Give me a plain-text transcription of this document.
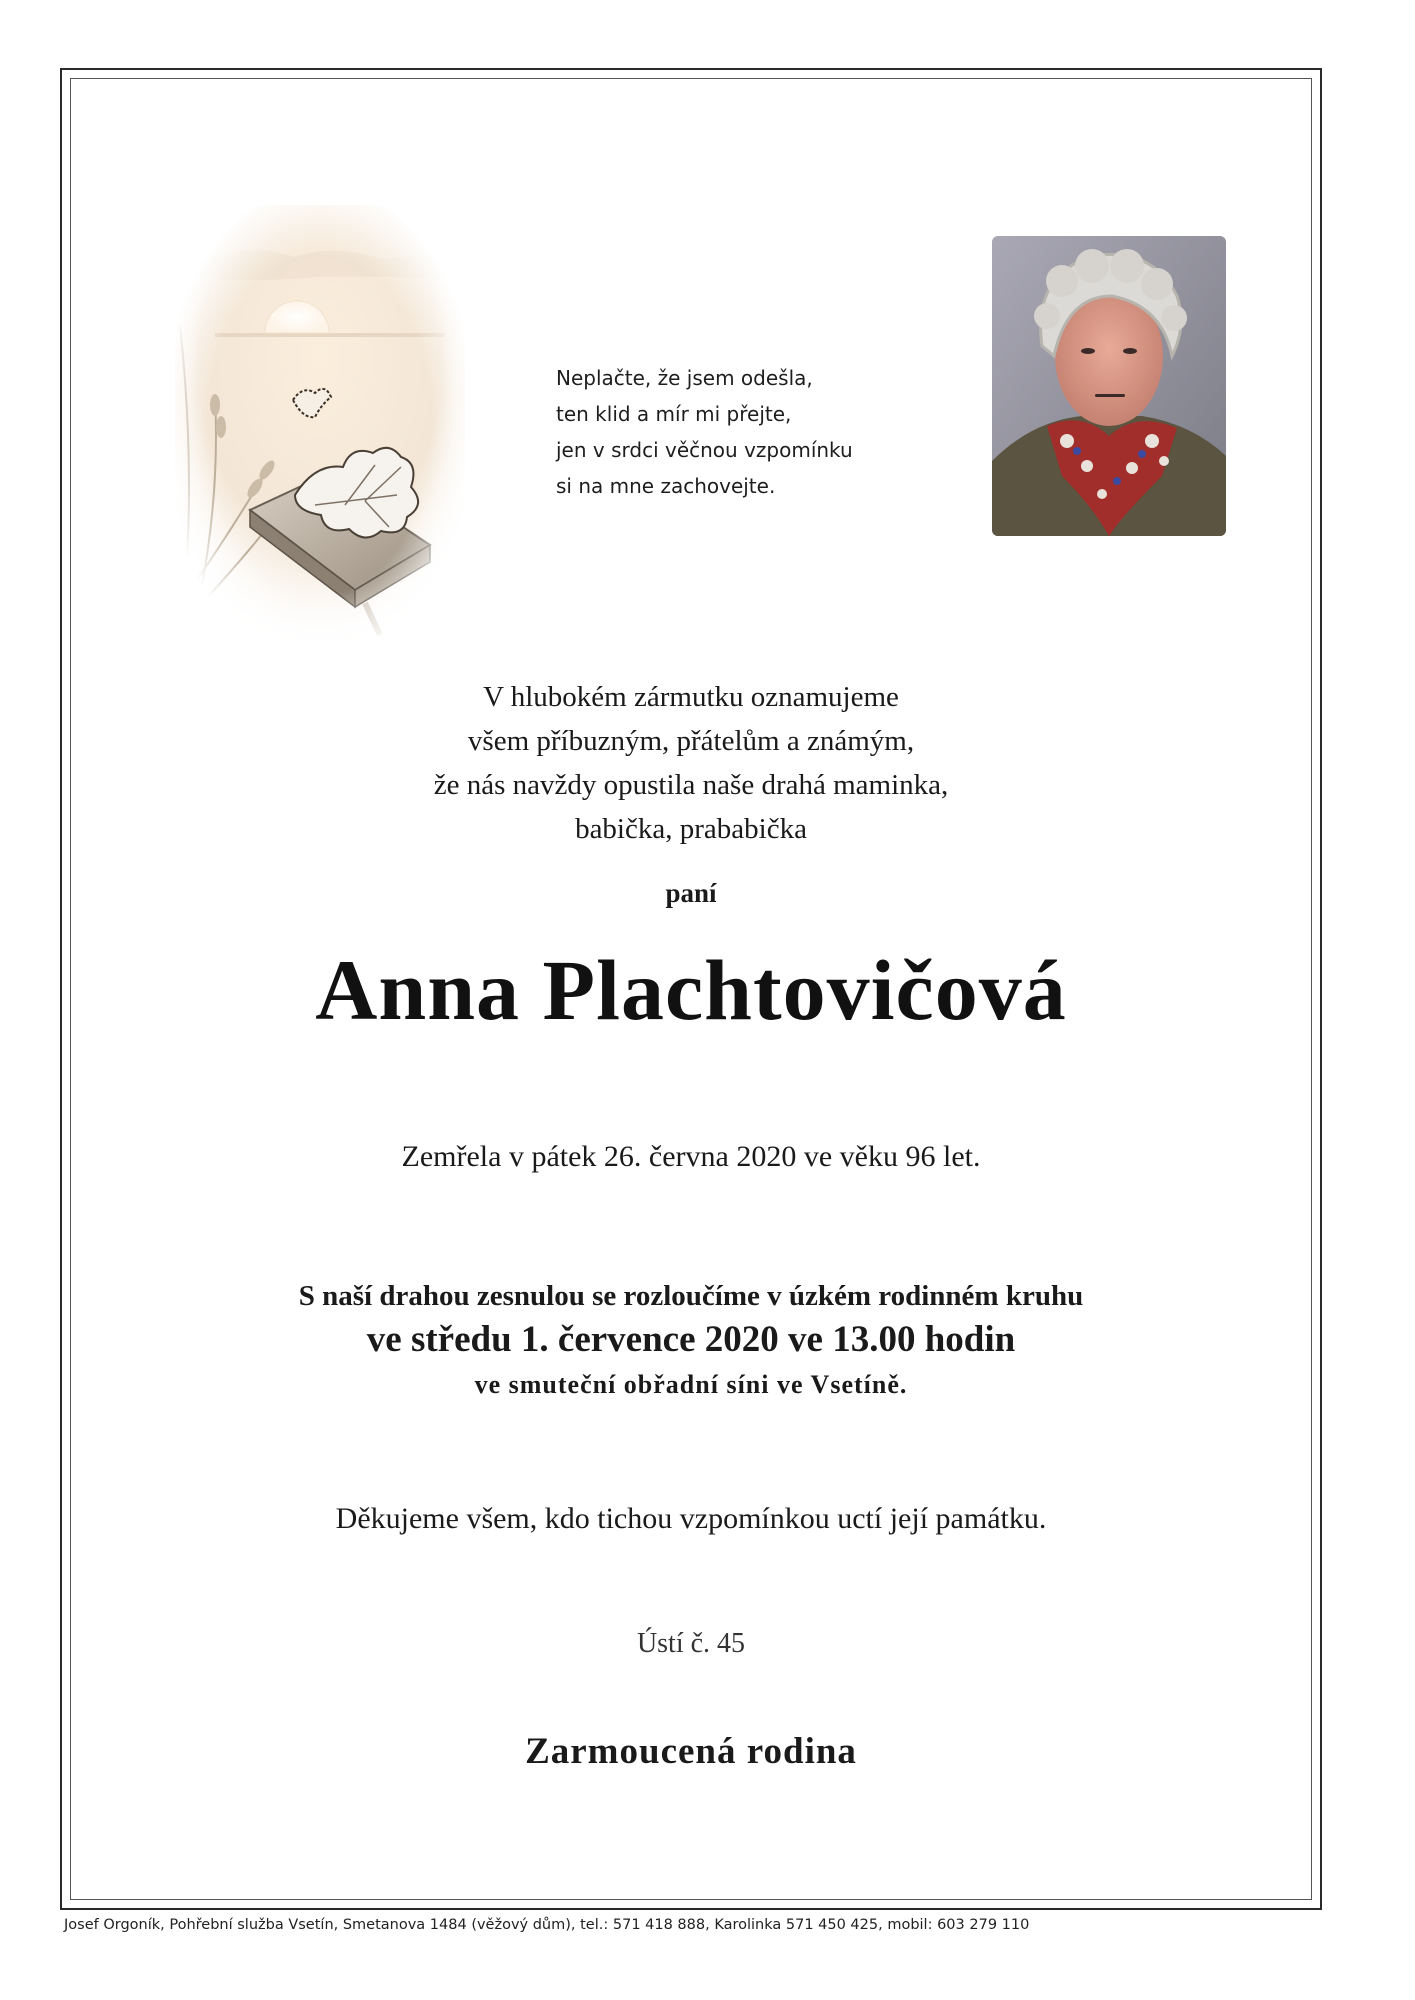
Neplačte, že jsem odešla,
ten klid a mír mi přejte,
jen v srdci věčnou vzpomínku
si na mne zachovejte.
V hlubokém zármutku oznamujeme
všem příbuzným, přátelům a známým,
že nás navždy opustila naše drahá maminka,
babička, prababička
paní
Anna Plachtovičová
Zemřela v pátek 26. června 2020 ve věku 96 let.
S naší drahou zesnulou se rozloučíme v úzkém rodinném kruhu
ve středu 1. července 2020 ve 13.00 hodin
ve smuteční obřadní síni ve Vsetíně.
Děkujeme všem, kdo tichou vzpomínkou uctí její památku.
Ústí č. 45
Zarmoucená rodina
Josef Orgoník, Pohřební služba Vsetín, Smetanova 1484 (věžový dům), tel.: 571 418 888, Karolinka 571 450 425, mobil: 603 279 110
